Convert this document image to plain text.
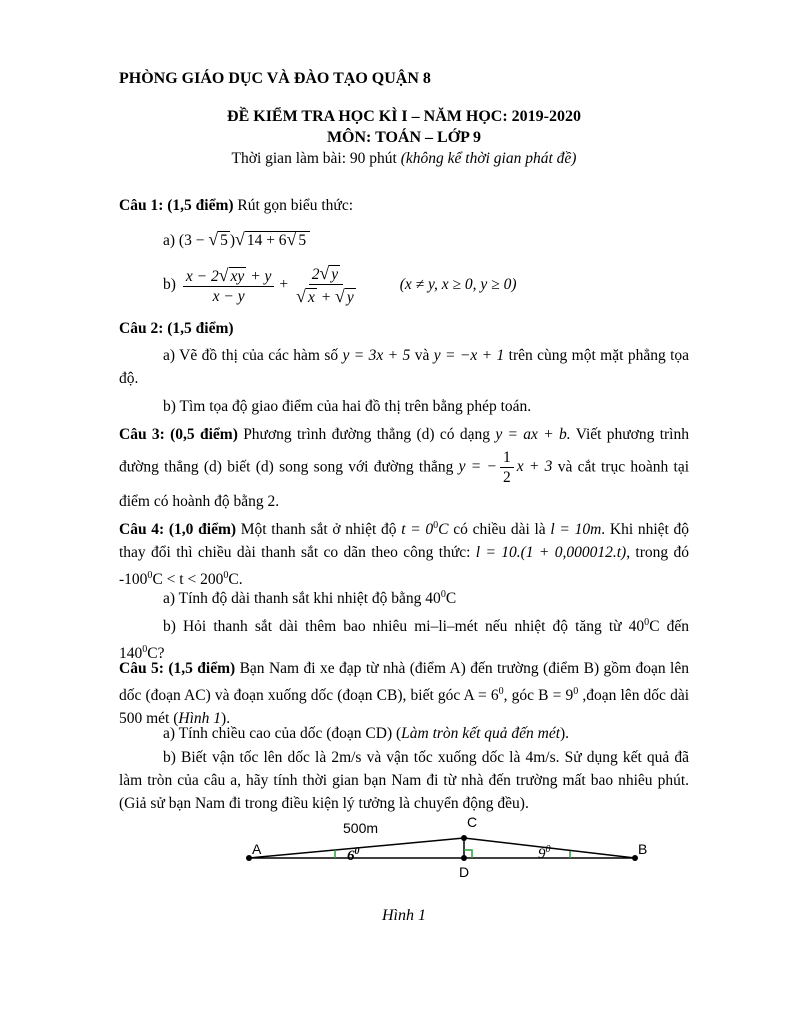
PHÒNG GIÁO DỤC VÀ ĐÀO TẠO QUẬN 8
ĐỀ KIỂM TRA HỌC KÌ I – NĂM HỌC: 2019-2020
MÔN: TOÁN – LỚP 9
Thời gian làm bài: 90 phút (không kể thời gian phát đề)
Câu 1: (1,5 điểm) Rút gọn biểu thức:
a) (3 − √ 5 )√ 14 + 6√ 5
$b) \frac{x - 2√ xy + y}{x - y} + \frac{2√ y}{√ x + √ y}$	(x ≠ y, x ≥ 0, y ≥ 0)
Câu 2: (1,5 điểm)
a) Vẽ đồ thị của các hàm số y = 3x + 5 và y = −x + 1 trên cùng một mặt phẳng tọa độ.
b) Tìm tọa độ giao điểm của hai đồ thị trên bằng phép toán.
Câu 3: (0,5 điểm) Phương trình đường thẳng (d) có dạng y = ax + b. Viết phương trình đường thẳng (d) biết (d) song song với đường thẳng y = − $\frac{1}{2}$ x + 3 và cắt trục hoành tại điểm có hoành độ bằng 2.
Câu 4: (1,0 điểm) Một thanh sắt ở nhiệt độ $t = 0^0C$ có chiều dài là l = 10m. Khi nhiệt độ thay đổi thì chiều dài thanh sắt co dãn theo công thức: l = 10.(1 + 0,000012.t), trong đó $-100^0C < t < 200^0C$.
a) Tính độ dài thanh sắt khi nhiệt độ bằng $40^0C$
b) Hỏi thanh sắt dài thêm bao nhiêu mi–li–mét nếu nhiệt độ tăng từ $40^0C$ đến $140^0C$?
Câu 5: (1,5 điểm) Bạn Nam đi xe đạp từ nhà (điểm A) đến trường (điểm B) gồm đoạn lên dốc (đoạn AC) và đoạn xuống dốc (đoạn CB), biết góc $A = 6^0$, góc $B = 9^0$ ,đoạn lên dốc dài 500 mét (Hình 1).
a) Tính chiều cao của dốc (đoạn CD) (Làm tròn kết quả đến mét).
b) Biết vận tốc lên dốc là 2m/s và vận tốc xuống dốc là 4m/s. Sử dụng kết quả đã làm tròn của câu a, hãy tính thời gian bạn Nam đi từ nhà đến trường mất bao nhiêu phút. (Giả sử bạn Nam đi trong điều kiện lý tưởng là chuyển động đều).
A	B
C
D
500m
$6^0$	$9^0$
Hình 1
